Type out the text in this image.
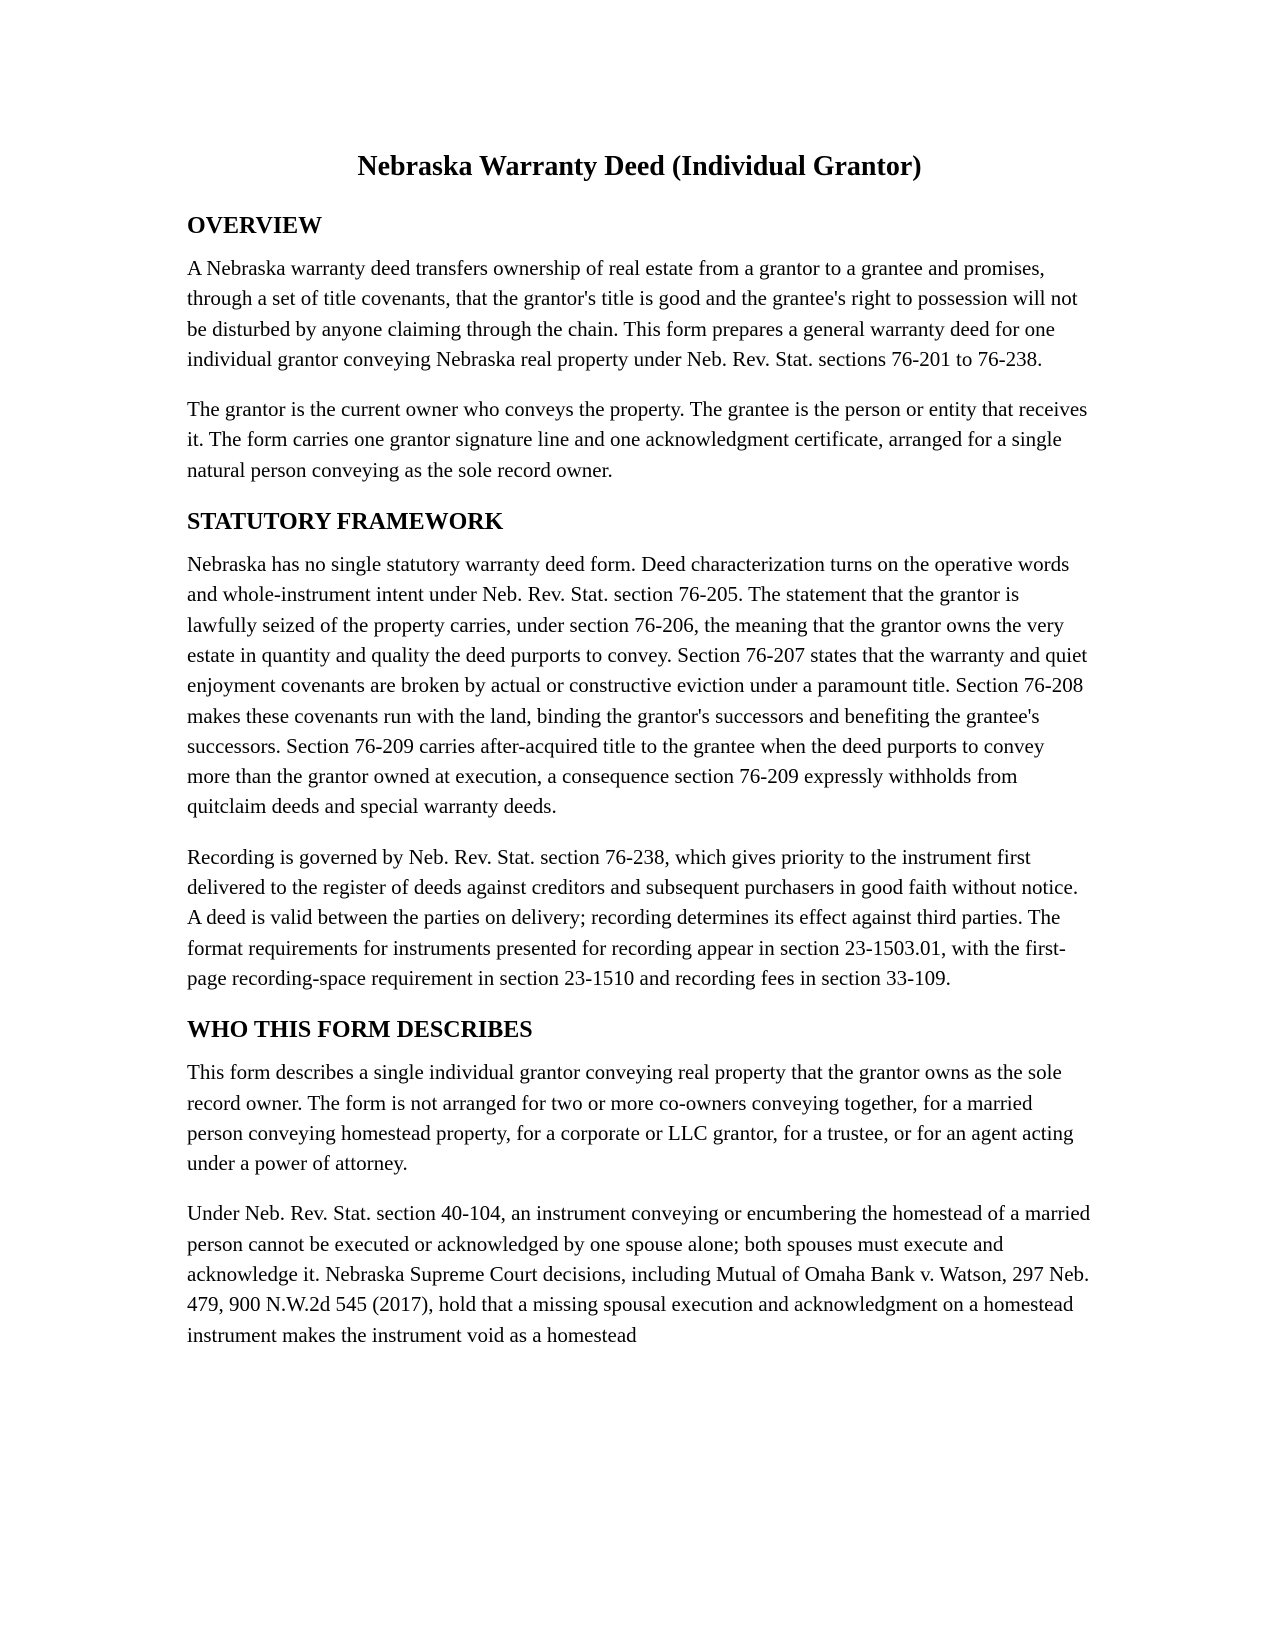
Nebraska Warranty Deed (Individual Grantor)
OVERVIEW

A Nebraska warranty deed transfers ownership of real estate from a grantor to a grantee and promises, through a set of title covenants, that the grantor's title is good and the grantee's right to possession will not be disturbed by anyone claiming through the chain. This form prepares a general warranty deed for one individual grantor conveying Nebraska real property under Neb. Rev. Stat. sections 76-201 to 76-238.

The grantor is the current owner who conveys the property. The grantee is the person or entity that receives it. The form carries one grantor signature line and one acknowledgment certificate, arranged for a single natural person conveying as the sole record owner.

STATUTORY FRAMEWORK

Nebraska has no single statutory warranty deed form. Deed characterization turns on the operative words and whole-instrument intent under Neb. Rev. Stat. section 76-205. The statement that the grantor is lawfully seized of the property carries, under section 76-206, the meaning that the grantor owns the very estate in quantity and quality the deed purports to convey. Section 76-207 states that the warranty and quiet enjoyment covenants are broken by actual or constructive eviction under a paramount title. Section 76-208 makes these covenants run with the land, binding the grantor's successors and benefiting the grantee's successors. Section 76-209 carries after-acquired title to the grantee when the deed purports to convey more than the grantor owned at execution, a consequence section 76-209 expressly withholds from quitclaim deeds and special warranty deeds.

Recording is governed by Neb. Rev. Stat. section 76-238, which gives priority to the instrument first delivered to the register of deeds against creditors and subsequent purchasers in good faith without notice. A deed is valid between the parties on delivery; recording determines its effect against third parties. The format requirements for instruments presented for recording appear in section 23-1503.01, with the first-page recording-space requirement in section 23-1510 and recording fees in section 33-109.

WHO THIS FORM DESCRIBES

This form describes a single individual grantor conveying real property that the grantor owns as the sole record owner. The form is not arranged for two or more co-owners conveying together, for a married person conveying homestead property, for a corporate or LLC grantor, for a trustee, or for an agent acting under a power of attorney.

Under Neb. Rev. Stat. section 40-104, an instrument conveying or encumbering the homestead of a married person cannot be executed or acknowledged by one spouse alone; both spouses must execute and acknowledge it. Nebraska Supreme Court decisions, including Mutual of Omaha Bank v. Watson, 297 Neb. 479, 900 N.W.2d 545 (2017), hold that a missing spousal execution and acknowledgment on a homestead instrument makes the instrument void as a homestead
